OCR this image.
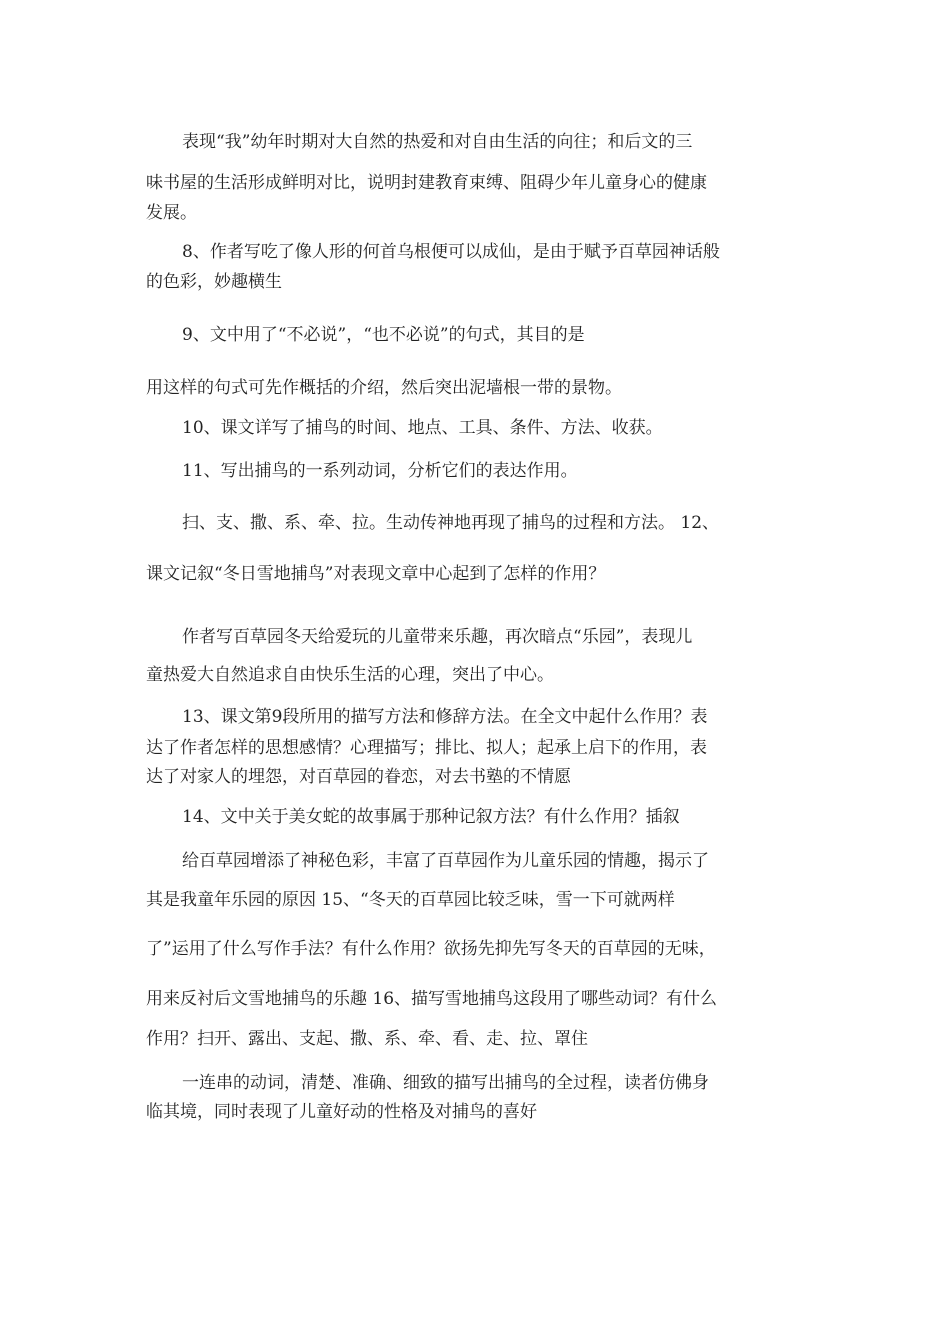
表现“我”幼年时期对大自然的热爱和对自由生活的向往；和后文的三
味书屋的生活形成鲜明对比，说明封建教育束缚、阻碍少年儿童身心的健康
发展。
8、作者写吃了像人形的何首乌根便可以成仙，是由于赋予百草园神话般
的色彩，妙趣横生
9、文中用了“不必说”，“也不必说”的句式，其目的是
用这样的句式可先作概括的介绍，然后突出泥墙根一带的景物。
10、课文详写了捕鸟的时间、地点、工具、条件、方法、收获。
11、写出捕鸟的一系列动词，分析它们的表达作用。
扫、支、撒、系、牵、拉。生动传神地再现了捕鸟的过程和方法。 12、
课文记叙“冬日雪地捕鸟”对表现文章中心起到了怎样的作用？
作者写百草园冬天给爱玩的儿童带来乐趣，再次暗点“乐园”，表现儿
童热爱大自然追求自由快乐生活的心理，突出了中心。
13、课文第9段所用的描写方法和修辞方法。在全文中起什么作用？表
达了作者怎样的思想感情？心理描写；排比、拟人；起承上启下的作用，表
达了对家人的埋怨，对百草园的眷恋，对去书塾的不情愿
14、文中关于美女蛇的故事属于那种记叙方法？有什么作用？插叙
给百草园增添了神秘色彩，丰富了百草园作为儿童乐园的情趣，揭示了
其是我童年乐园的原因 15、“冬天的百草园比较乏味，雪一下可就两样
了”运用了什么写作手法？有什么作用？欲扬先抑先写冬天的百草园的无味，
用来反衬后文雪地捕鸟的乐趣 16、描写雪地捕鸟这段用了哪些动词？有什么
作用？扫开、露出、支起、撒、系、牵、看、走、拉、罩住
一连串的动词，清楚、准确、细致的描写出捕鸟的全过程，读者仿佛身
临其境，同时表现了儿童好动的性格及对捕鸟的喜好
